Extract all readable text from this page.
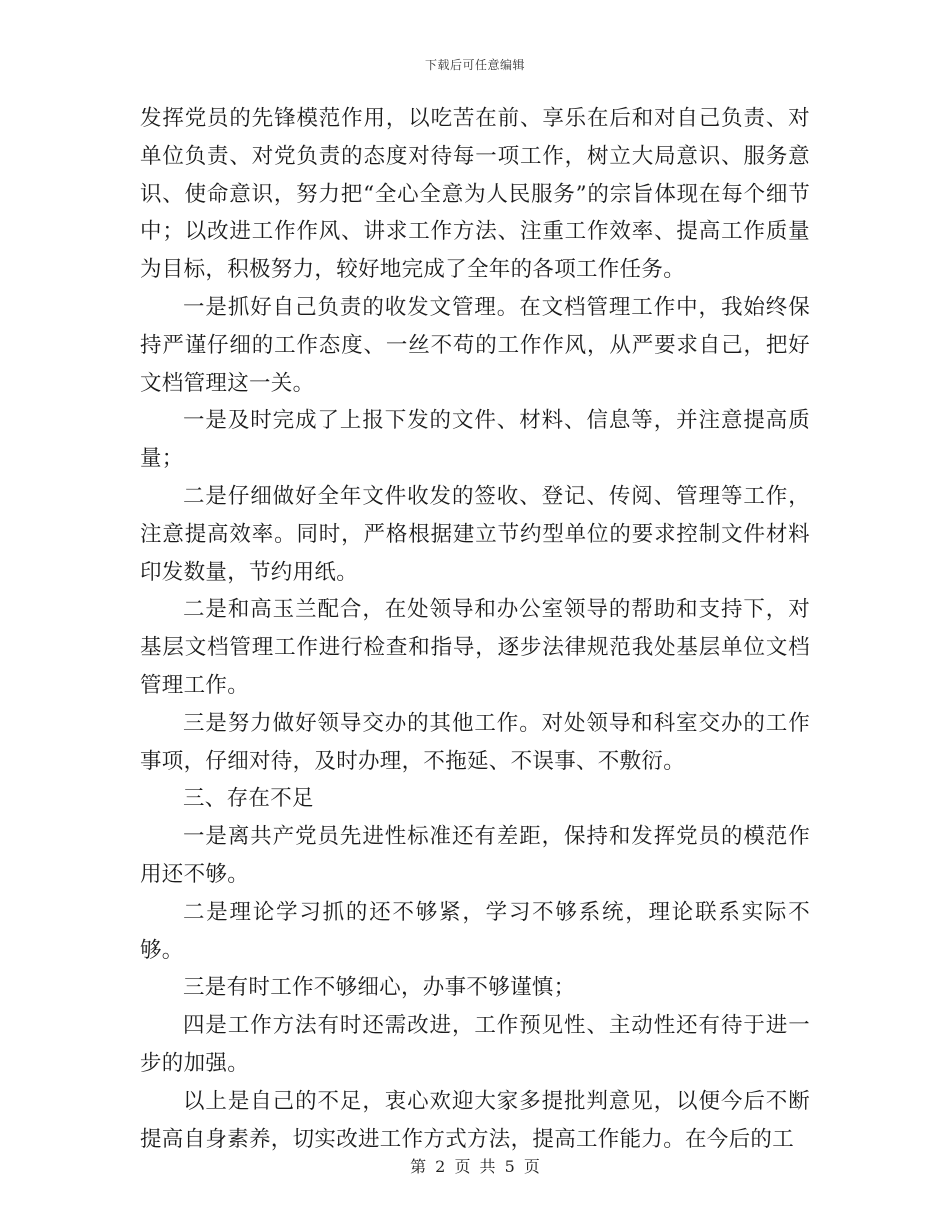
下载后可任意编辑

发挥党员的先锋模范作用，以吃苦在前、享乐在后和对自己负责、对单位负责、对党负责的态度对待每一项工作，树立大局意识、服务意识、使命意识，努力把“全心全意为人民服务”的宗旨体现在每个细节中；以改进工作作风、讲求工作方法、注重工作效率、提高工作质量为目标，积极努力，较好地完成了全年的各项工作任务。

一是抓好自己负责的收发文管理。在文档管理工作中，我始终保持严谨仔细的工作态度、一丝不苟的工作作风，从严要求自己，把好文档管理这一关。

一是及时完成了上报下发的文件、材料、信息等，并注意提高质量；

二是仔细做好全年文件收发的签收、登记、传阅、管理等工作，注意提高效率。同时，严格根据建立节约型单位的要求控制文件材料印发数量，节约用纸。

二是和高玉兰配合，在处领导和办公室领导的帮助和支持下，对基层文档管理工作进行检查和指导，逐步法律规范我处基层单位文档管理工作。

三是努力做好领导交办的其他工作。对处领导和科室交办的工作事项，仔细对待，及时办理，不拖延、不误事、不敷衍。

三、存在不足

一是离共产党员先进性标准还有差距，保持和发挥党员的模范作用还不够。

二是理论学习抓的还不够紧，学习不够系统，理论联系实际不够。

三是有时工作不够细心，办事不够谨慎；

四是工作方法有时还需改进，工作预见性、主动性还有待于进一步的加强。

以上是自己的不足，衷心欢迎大家多提批判意见，以便今后不断提高自身素养，切实改进工作方式方法，提高工作能力。在今后的工

第 2 页 共 5 页
